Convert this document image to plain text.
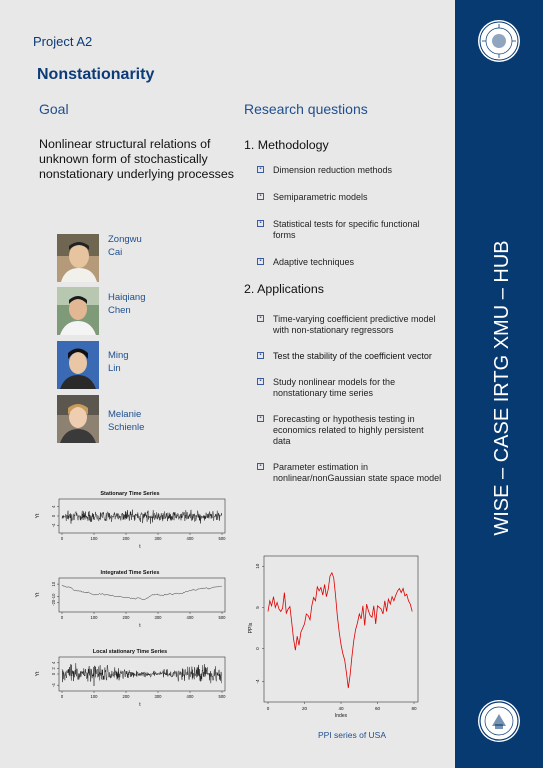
Project A2
Nonstationarity
Goal
Nonlinear structural relations of unknown form of stochastically nonstationary underlying processes
Zongwu
Cai
Haiqiang
Chen
Ming
Lin
Melanie
Schienle
Research questions
1. Methodology
▪ Dimension reduction methods
▪ Semiparametric models
▪ Statistical tests for specific functional forms
▪ Adaptive techniques
2. Applications
▪ Time-varying coefficient predictive model with non-stationary regressors
▪ Test the stability of the coefficient vector
▪ Study nonlinear models for the nonstationary time series
▪ Forecasting or hypothesis testing in economics related to highly persistent data
▪ Parameter estimation in nonlinear/nonGaussian state space model
Stationary Time Series
0	100	200	300	400	500
-4
0
4
t
Yt
Integrated Time Series
0	100	200	300	400	500
-20
-10
10
t
Yt
Local stationary Time Series
0	100	200	300	400	500
-4
0
2
4
t
Yt
0	20	40	60	80
-4
0
5
10
Index
PPIs
PPI series of USA
WISE – CASE IRTG XMU – HUB
